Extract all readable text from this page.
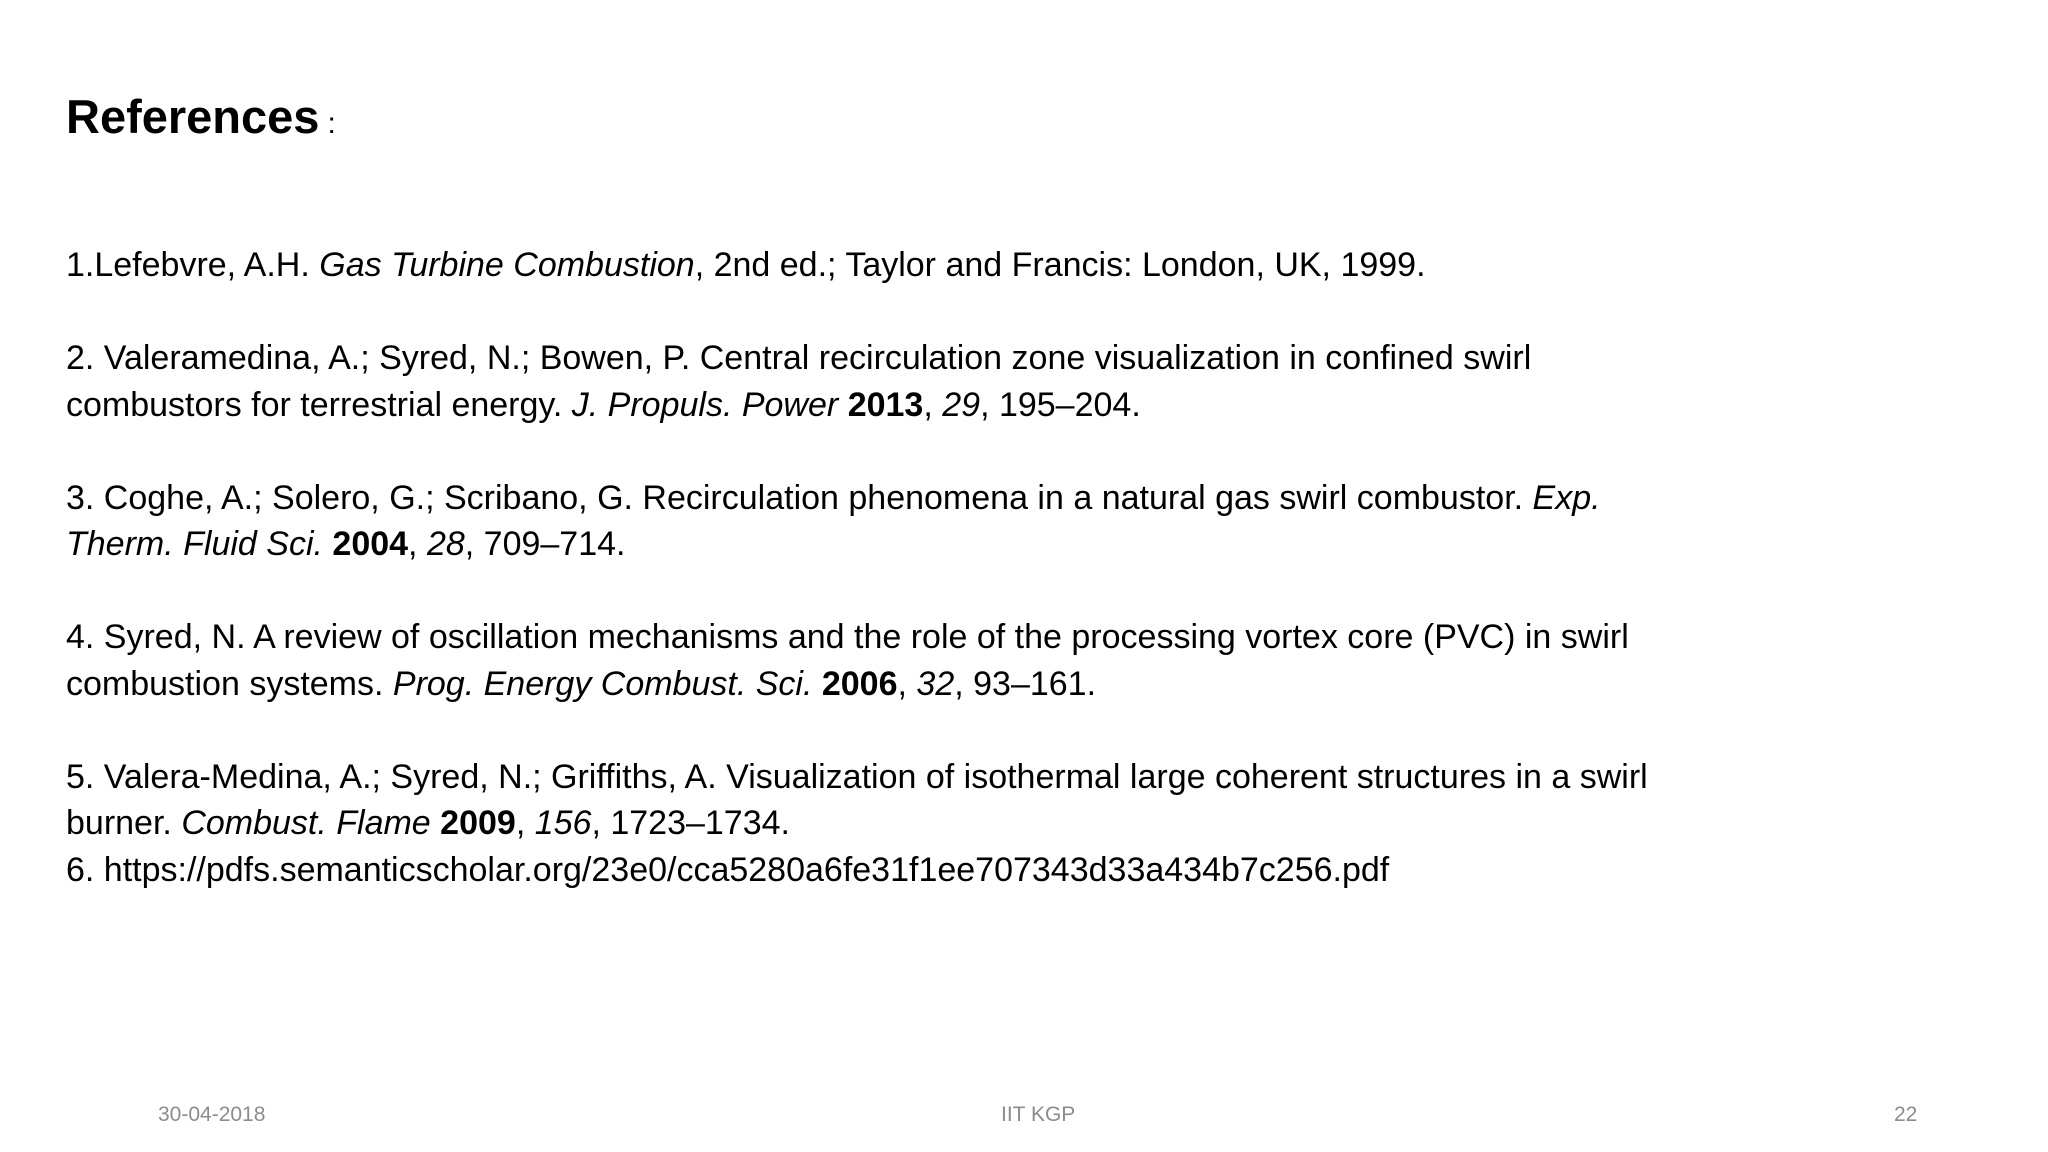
References :

1.Lefebvre, A.H. Gas Turbine Combustion, 2nd ed.; Taylor and Francis: London, UK, 1999.

2. Valeramedina, A.; Syred, N.; Bowen, P. Central recirculation zone visualization in confined swirl
combustors for terrestrial energy. J. Propuls. Power 2013, 29, 195–204.

3. Coghe, A.; Solero, G.; Scribano, G. Recirculation phenomena in a natural gas swirl combustor. Exp.
Therm. Fluid Sci. 2004, 28, 709–714.

4. Syred, N. A review of oscillation mechanisms and the role of the processing vortex core (PVC) in swirl
combustion systems. Prog. Energy Combust. Sci. 2006, 32, 93–161.

5. Valera-Medina, A.; Syred, N.; Griffiths, A. Visualization of isothermal large coherent structures in a swirl
burner. Combust. Flame 2009, 156, 1723–1734.

6. https://pdfs.semanticscholar.org/23e0/cca5280a6fe31f1ee707343d33a434b7c256.pdf

30-04-2018	IIT KGP	22
